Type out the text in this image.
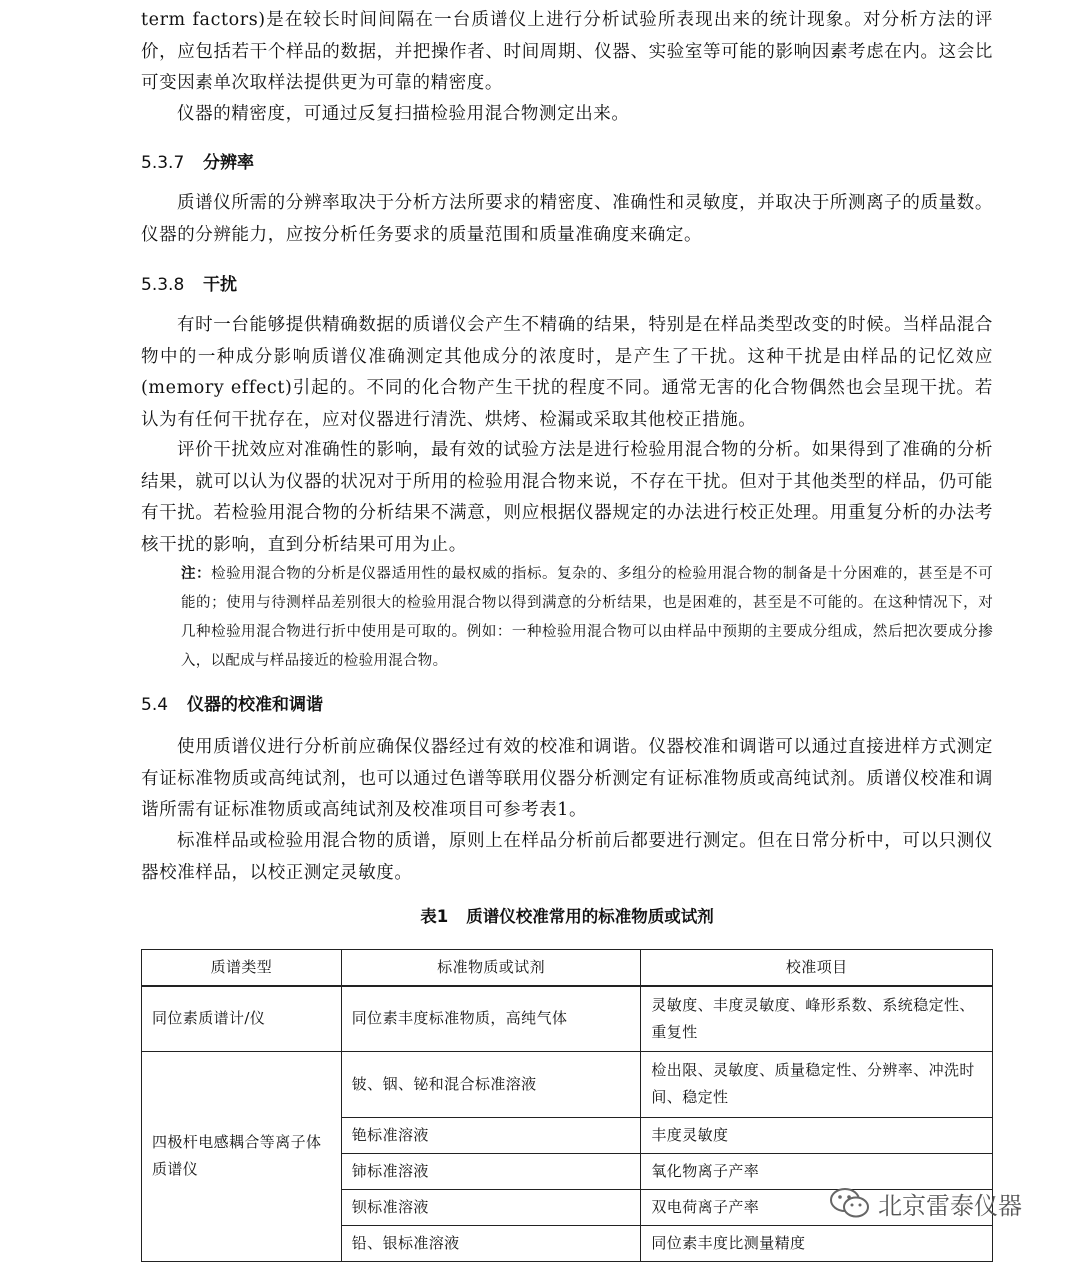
term factors)是在较长时间间隔在一台质谱仪上进行分析试验所表现出来的统计现象。对分析方法的评价，应包括若干个样品的数据，并把操作者、时间周期、仪器、实验室等可能的影响因素考虑在内。这会比可变因素单次取样法提供更为可靠的精密度。

仪器的精密度，可通过反复扫描检验用混合物测定出来。

5.3.7 分辨率

质谱仪所需的分辨率取决于分析方法所要求的精密度、准确性和灵敏度，并取决于所测离子的质量数。仪器的分辨能力，应按分析任务要求的质量范围和质量准确度来确定。

5.3.8 干扰

有时一台能够提供精确数据的质谱仪会产生不精确的结果，特别是在样品类型改变的时候。当样品混合物中的一种成分影响质谱仪准确测定其他成分的浓度时，是产生了干扰。这种干扰是由样品的记忆效应(memory effect)引起的。不同的化合物产生干扰的程度不同。通常无害的化合物偶然也会呈现干扰。若认为有任何干扰存在，应对仪器进行清洗、烘烤、检漏或采取其他校正措施。

评价干扰效应对准确性的影响，最有效的试验方法是进行检验用混合物的分析。如果得到了准确的分析结果，就可以认为仪器的状况对于所用的检验用混合物来说，不存在干扰。但对于其他类型的样品，仍可能有干扰。若检验用混合物的分析结果不满意，则应根据仪器规定的办法进行校正处理。用重复分析的办法考核干扰的影响，直到分析结果可用为止。

注：检验用混合物的分析是仪器适用性的最权威的指标。复杂的、多组分的检验用混合物的制备是十分困难的，甚至是不可能的；使用与待测样品差别很大的检验用混合物以得到满意的分析结果，也是困难的，甚至是不可能的。在这种情况下，对几种检验用混合物进行折中使用是可取的。例如：一种检验用混合物可以由样品中预期的主要成分组成，然后把次要成分掺入，以配成与样品接近的检验用混合物。
5.4 仪器的校准和调谐

使用质谱仪进行分析前应确保仪器经过有效的校准和调谐。仪器校准和调谐可以通过直接进样方式测定有证标准物质或高纯试剂，也可以通过色谱等联用仪器分析测定有证标准物质或高纯试剂。质谱仪校准和调谐所需有证标准物质或高纯试剂及校准项目可参考表1。

标准样品或检验用混合物的质谱，原则上在样品分析前后都要进行测定。但在日常分析中，可以只测仪器校准样品，以校正测定灵敏度。

表1 质谱仪校准常用的标准物质或试剂
质谱类型	标准物质或试剂	校准项目
同位素质谱计/仪	同位素丰度标准物质，高纯气体	灵敏度、丰度灵敏度、峰形系数、系统稳定性、重复性
四极杆电感耦合等离子体质谱仪	铍、铟、铋和混合标准溶液	检出限、灵敏度、质量稳定性、分辨率、冲洗时间、稳定性
	铯标准溶液	丰度灵敏度
	铈标准溶液	氧化物离子产率
	钡标准溶液	双电荷离子产率
	铅、银标准溶液	同位素丰度比测量精度
北京雷泰仪器
